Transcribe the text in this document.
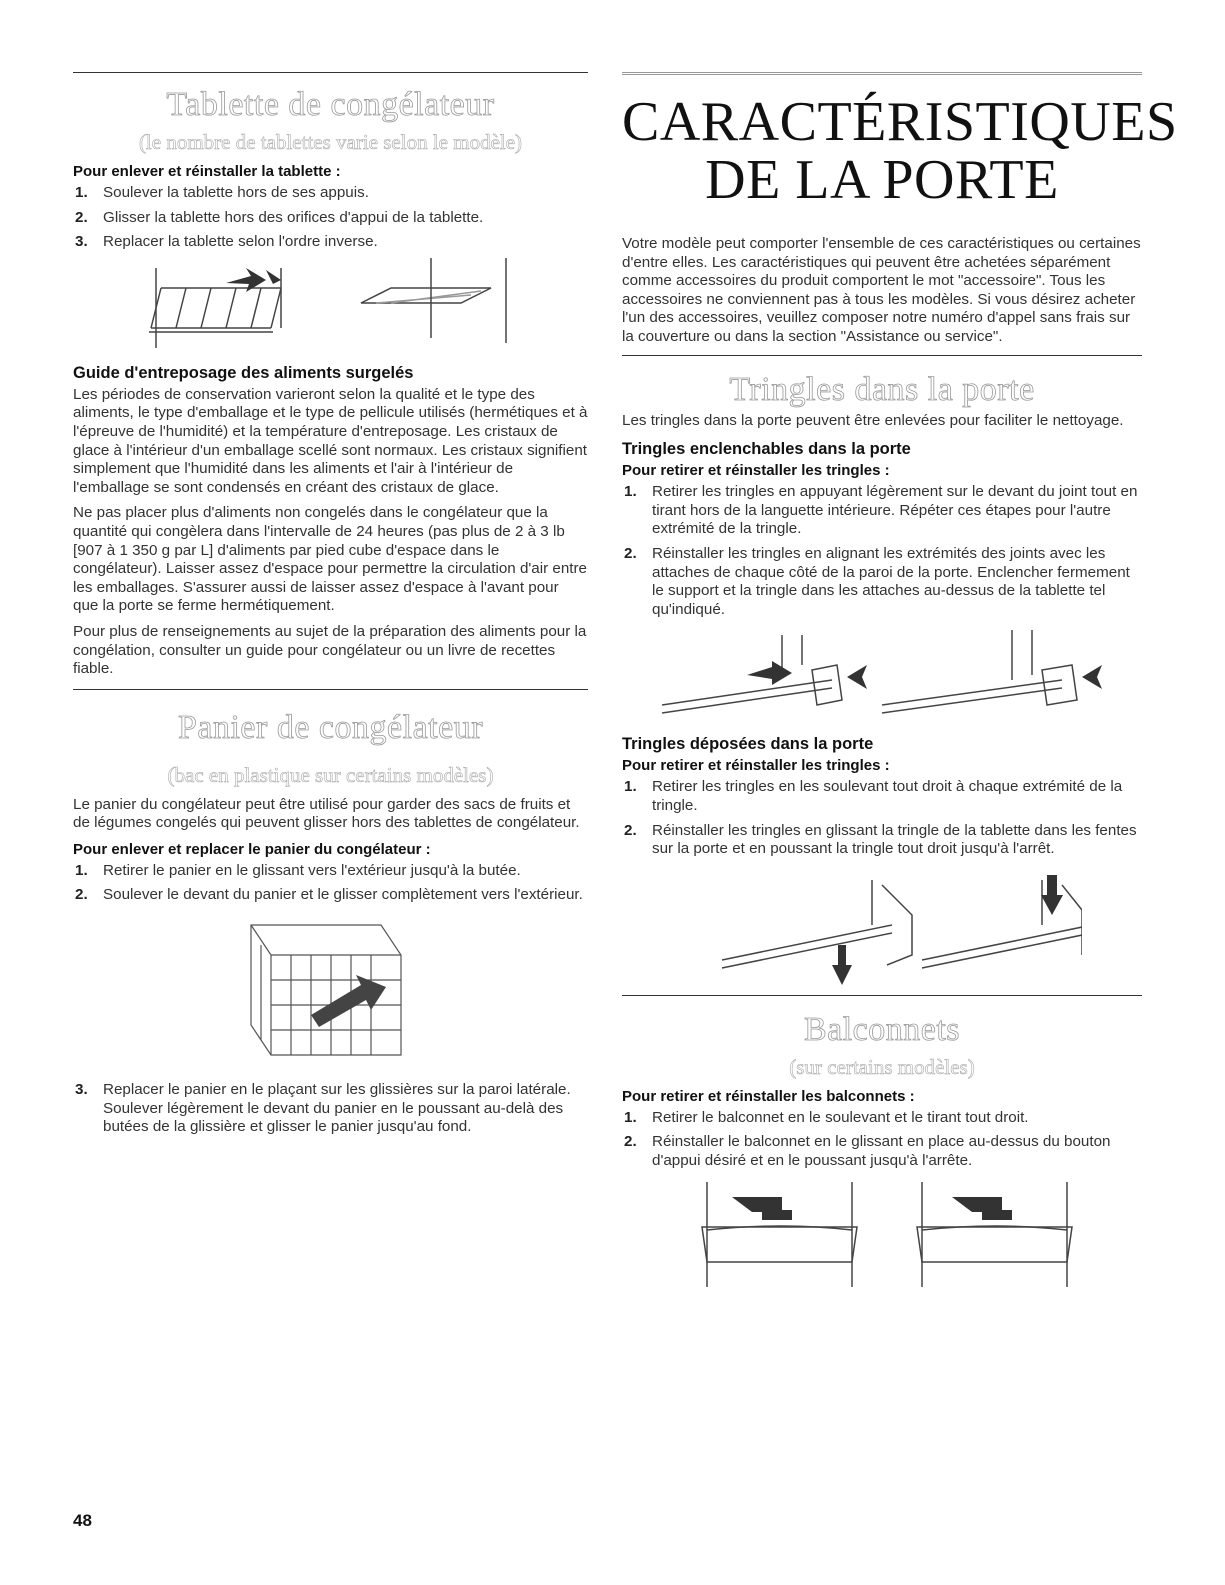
Tablette de congélateur
(le nombre de tablettes varie selon le modèle)
Pour enlever et réinstaller la tablette :
1. Soulever la tablette hors de ses appuis.
2. Glisser la tablette hors des orifices d'appui de la tablette.
3. Replacer la tablette selon l'ordre inverse.
Guide d'entreposage des aliments surgelés

Les périodes de conservation varieront selon la qualité et le type des aliments, le type d'emballage et le type de pellicule utilisés (hermétiques et à l'épreuve de l'humidité) et la température d'entreposage. Les cristaux de glace à l'intérieur d'un emballage scellé sont normaux. Les cristaux signifient simplement que l'humidité dans les aliments et l'air à l'intérieur de l'emballage se sont condensés en créant des cristaux de glace.

Ne pas placer plus d'aliments non congelés dans le congélateur que la quantité qui congèlera dans l'intervalle de 24 heures (pas plus de 2 à 3 lb [907 à 1 350 g par L] d'aliments par pied cube d'espace dans le congélateur). Laisser assez d'espace pour permettre la circulation d'air entre les emballages. S'assurer aussi de laisser assez d'espace à l'avant pour que la porte se ferme hermétiquement.

Pour plus de renseignements au sujet de la préparation des aliments pour la congélation, consulter un guide pour congélateur ou un livre de recettes fiable.

Panier de congélateur
(bac en plastique sur certains modèles)

Le panier du congélateur peut être utilisé pour garder des sacs de fruits et de légumes congelés qui peuvent glisser hors des tablettes de congélateur.

Pour enlever et replacer le panier du congélateur :
1. Retirer le panier en le glissant vers l'extérieur jusqu'à la butée.
2. Soulever le devant du panier et le glisser complètement vers l'extérieur.
3. Replacer le panier en le plaçant sur les glissières sur la paroi latérale. Soulever légèrement le devant du panier en le poussant au-delà des butées de la glissière et glisser le panier jusqu'au fond.
CARACTÉRISTIQUES
DE LA PORTE

Votre modèle peut comporter l'ensemble de ces caractéristiques ou certaines d'entre elles. Les caractéristiques qui peuvent être achetées séparément comme accessoires du produit comportent le mot "accessoire". Tous les accessoires ne conviennent pas à tous les modèles. Si vous désirez acheter l'un des accessoires, veuillez composer notre numéro d'appel sans frais sur la couverture ou dans la section "Assistance ou service".

Tringles dans la porte

Les tringles dans la porte peuvent être enlevées pour faciliter le nettoyage.

Tringles enclenchables dans la porte
Pour retirer et réinstaller les tringles :
1. Retirer les tringles en appuyant légèrement sur le devant du joint tout en tirant hors de la languette intérieure. Répéter ces étapes pour l'autre extrémité de la tringle.
2. Réinstaller les tringles en alignant les extrémités des joints avec les attaches de chaque côté de la paroi de la porte. Enclencher fermement le support et la tringle dans les attaches au-dessus de la tablette tel qu'indiqué.
Tringles déposées dans la porte
Pour retirer et réinstaller les tringles :
1. Retirer les tringles en les soulevant tout droit à chaque extrémité de la tringle.
2. Réinstaller les tringles en glissant la tringle de la tablette dans les fentes sur la porte et en poussant la tringle tout droit jusqu'à l'arrêt.
Balconnets
(sur certains modèles)
Pour retirer et réinstaller les balconnets :
1. Retirer le balconnet en le soulevant et le tirant tout droit.
2. Réinstaller le balconnet en le glissant en place au-dessus du bouton d'appui désiré et en le poussant jusqu'à l'arrête.
48
